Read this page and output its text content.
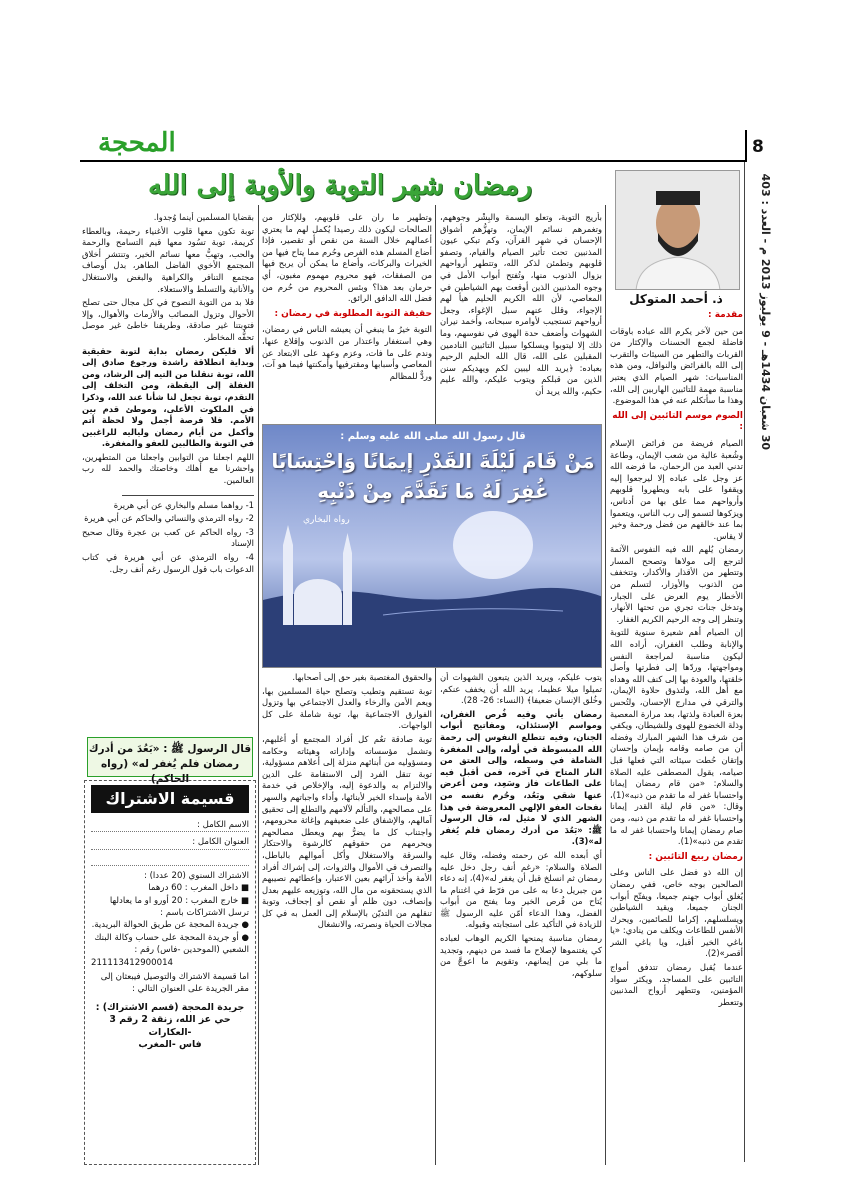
8
المحجة
30 شعبان 1434هـ - 9 يوليوز 2013 م - العدد : 403
رمضان شهر التوبة والأوبة إلى الله
ذ. أحمد المتوكل
مقدمة :

من حين لآخر يكرم الله عباده باوقات فاضلة لجمع الحسنات والإكثار من القربات والتطهر من السيئات والتقرب إلى الله بالفرائض والنوافل، ومن هذه المناسبات: شهر الصيام الذي يعتبر مناسبة مهمة للتائبين الهاربين إلى الله، وهذا ما سأتكلم عنه في هذا الموضوع.

الصوم موسم التائبين إلى الله :

الصيام فريضة من فرائض الإسلام وشُعبة عالية من شعب الإيمان، وطاعة تدني العبد من الرحمان، ما فرضه الله عز وجل على عباده إلا ليرجعوا إليه ويقفوا على بابه ويطهروا قلوبهم وأرواحهم مما علق بها من أدناس، ويزكوها لتسمو إلى رب الناس، ويتعموا بما عند خالقهم من فضل ورحمة وخير لا يقاس.

رمضان يُلهم الله فيه النفوس الآثمة لترجع إلى مولاها وتصحح المسار وتتطهر من الأقذار والأكدار، وتتخفف من الذنوب والأوزار، لتسلم من الأخطار يوم العرض على الجبار، وتدخل جنات تجري من تحتها الأنهار، وتنظر إلى وجه الرحيم الكريم الغفار.

إن الصيام أهم شعيرة سنوية للتوبة والإنابة وطلب الغفران، أراده الله ليكون مناسبة لمراجعة النفس ومواجهتها، وردّها إلى فطرتها وأصل خلقتها، والعودة بها إلى كنف الله وهداه مع أهل الله، ولتذوق حلاوة الإيمان، والترقي في مدارج الإحسان، ولتُحس بعزة العبادة ولذتها، بعد مرارة المعصية وذلة الخضوع للهوى وللشيطان، ويكفي من شرف هذا الشهر المبارك وفضله أن من صامه وقامه بإيمان وإحسان وإتقان حُطت سيئاته التي فعلها قبل صيامه، يقول المصطفى عليه الصلاة والسلام: «من قام رمضان إيمانا واحتسابا غفر له ما تقدم من ذنبه»(1)، وقال: «من قام ليلة القدر إيمانا واحتسابا غفر له ما تقدم من ذنبه، ومن صام رمضان إيمانا واحتسابا غفر له ما تقدم من ذنبه»(1).

رمضان ربيع التائبين :

إن الله ذو فضل على الناس وعلى الصالحين بوجه خاص، ففي رمضان يُغلق أبواب جهنم جميعا، ويفتّح أبواب الجنان جميعا، ويقيد الشياطين ويسلسلهم، إكراما للصائمين، ويحرك الأنفس للطاعات ويكلف من ينادي: «يا باغي الخير أقبل، ويا باغي الشر أقصر»(2).

عندما يُقبل رمضان تتدفق أمواج التائبين على المساجد، ويكثر سواد المؤمنين، وتتطهر أرواح المذنبين وتتعطر

بأريج التوبة، وتعلو البسمة والبِشْر وجوههم، وتغمرهم نسائم الإيمان، وتهزُّهم أشواق الإحسان في شهر القرآن، وكم تبكي عيون المذنبين تحت تأثير الصيام والقيام، وتصفو قلوبهم وتطمئن لذكر الله، وتتطهر أرواحهم بزوال الذنوب منها، وتُفتح أبواب الأمل في وجوه المذنبين الذين أوقعت بهم الشياطين في المعاصي، لأن الله الكريم الحليم هيأ لهم الإجواء، وقلل عنهم سبل الإغواء، وجعل أرواحهم تستجيب لأوامره سبحانه، وأخمد نيران الشهوات وأضعف حدة الهوى في نفوسهم، وما ذلك إلا ليتوبوا ويسلكوا سبيل التائبين النادمين المقبلين على الله، قال الله الحليم الرحيم بعباده: ﴿يريد الله ليبين لكم ويهديكم سنن الذين من قبلكم ويتوب عليكم، والله عليم حكيم، والله يريد أن

وتطهير ما ران على قلوبهم، وللإكثار من الصالحات ليكون ذلك رصيدا يُكمل لهم ما يعتري أعمالهم خلال السنة من نقص أو تقصير، فإذا أضاع المسلم هذه الفرص وحُرم مما يتاح فيها من الخيرات والبركات، وأضاع ما يمكن أن يربح فيها من الصفقات، فهو محروم مهموم مغبون، أي حرمان بعد هذا؟ وبئس المحروم من حُرم من فضل الله الدافق الرائق.

حقيقة التوبة المطلوبة في رمضان :

التوبة خيرُ ما ينبغي أن يعيشه الناس في رمضان، وهي استغفار واعتذار من الذنوب وإقلاع عنها، وندم على ما فات، وعزم وعهد على الابتعاد عن المعاصي وأسبابها ومقترفيها وأمكنتها فيما هو آت، وردٌّ للمظالم

بقضايا المسلمين أينما وُجدوا.

توبة تكون معها قلوب الأغنياء رحيمة، وبالعطاء كريمة، توبة تسُود معها قيم التسامح والرحمة والحب، وتهبُّ معها نسائم الخير، وتنتشر أخلاق المجتمع الأخوي الفاضل الطاهر، بدل أوصاف مجتمع التنافر والكراهية والبغض والاستغلال والأنانية والتسلط والاستعلاء.

فلا بد من التوبة النصوح في كل مجال حتى تصلح الأحوال وتزول المصائب والأزمات والأهوال، وإلا فتوبتنا غير صادقة، وطريقنا خاطئ غير موصل تحفُّه المخاطر.

ألا فليكن رمضان بداية لتوبة حقيقية وبداية انطلاقة راشدة ورجوع صادق إلى الله، توبة تنقلنا من التيه إلى الرشاد، ومن الغفلة إلى اليقظة، ومن التخلف إلى التقدم، توبة تجعل لنا شأنا عند الله، وذكرا في الملكوت الأعلى، وموطئ قدم بين الأمم. فلا فرصة أجمل ولا لحظة أتم وأكمل من أيام رمضان ولياليه للراغبين في التوبة والطالبين للعفو والمغفرة.

اللهم اجعلنا من التوابين واجعلنا من المتطهرين، واحشرنا مع أهلك وخاصتك والحمد لله رب العالمين.

1- رواهما مسلم والبخاري عن أبي هريرة

2- رواه الترمذي والنسائي والحاكم عن أبي هريرة

3- رواه الحاكم عن كعب بن عجرة وقال صحيح الإسناد

4- رواه الترمذي عن أبي هريرة في كتاب الدعوات باب قول الرسول رغم أنف رجل.

قال رسول الله صلى الله عليه وسلم :
مَنْ قَامَ لَيْلَةَ القَدْرِ إيمَانًا وَاحْتِسَابًا
غُفِرَ لَهُ مَا تَقَدَّمَ مِنْ ذَنْبِهِ
رواه البخاري

يتوب عليكم، ويريد الذين يتبعون الشهوات أن تميلوا ميلا عظيما، يريد الله أن يخفف عنكم، وخُلق الإنسان ضعيفا﴾ (النساء: 26- 28).

رمضان يأتي وفيه فُرص الغفران، ومواسم الإستئذان، ومفاتيح أبواب الجنان، وفيه تتطلع النفوس إلى رحمة الله المبسوطة في أوله، وإلى المغفرة الشاملة في وسطه، وإلى العتق من النار المتاح في آخره، فمن أقبل فيه على الطاعات فاز وسَعِد، ومن أعرض عنها شقي وبَعُد، وحُرم نفسه من نفحات العفو الإلهي المعروضة في هذا الشهر الذي لا مثيل له، قال الرسول ﷺ: «بَعُدَ من أدرك رمضان فلم يُغفر له»(3).

أي أبعده الله عن رحمته وفضله، وقال عليه الصلاة والسلام: «رغم أنف رجل دخل عليه رمضان ثم انسلخ قبل أن يغفر له»(4)، إنه دعاء من جبريل دعا به على من فرّط في اغتنام ما يُتاح من فُرص الخير وما يفتح من أبواب الفضل، وهذا الدعاء أمّن عليه الرسول ﷺ للزيادة في التأكيد على استجابته وقبوله.

رمضان مناسبة يمنحها الكريم الوهاب لعباده كي يغتنموها لإصلاح ما فسد من دينهم، وتجديد ما بلي من إيمانهم، وتقويم ما اعوجَّ من سلوكهم،

والحقوق المغتصبة بغير حق إلى أصحابها.

توبة تستقيم وتطيب وتصلح حياة المسلمين بها، ويعم الأمن والرخاء والعدل الاجتماعي بها وتزول الفوارق الاجتماعية بها، توبة شاملة على كل الواجهات.

توبة صادقة تعُم كل أفراد المجتمع أو أغلبهم، وتشمل مؤسساته وإداراته وهيئاته وحكامه ومسؤوليه من أبنائهم منزلة إلى أعلاهم مسؤولية، توبة تنقل الفرد إلى الاستقامة على الدين والالتزام به والدعوة إليه، والإخلاص في خدمة الأمة وإسداء الخير لأبنائها، وأداء واجباتهم والسهر على مصالحهم، والتألم لآلامهم والتطلع إلى تحقيق آمالهم، والإشفاق على ضعيفهم وإغاثة محرومهم، واجتناب كل ما يضرُّ بهم ويعطل مصالحهم ويحرمهم من حقوقهم كالرشوة والاحتكار والسرقة والاستغلال وأكل أموالهم بالباطل، والتصرف في الأموال والثروات، إلى إشراك أفراد الأمة وأخذ آرائهم بعين الاعتبار، وإعطائهم نصيبهم الذي يستحقونه من مال الله، وتوزيعه عليهم بعدل وإنصاف، دون ظلم أو نقص أو إجحاف، وتوبة تنقلهم من التديّن بالإسلام إلى العمل به في كل مجالات الحياة ونصرته، والانشغال

قال الرسول ﷺ : «بَعُدَ من أدرك
رمضان فلم يُغفر له» (رواه الحاكم)
قسيمة الاشتراك
الاسم الكامل :
العنوان الكامل :
الاشتراك السنوي (20 عددا) :
■ داخل المغرب : 60 درهما
■ خارج المغرب : 20 أورو او ما يعادلها
ترسل الاشتراكات باسم :
● جريدة المحجة عن طريق الحوالة البريدية.
● أو جريدة المحجة على حساب وكالة البنك الشعبي (الموحدين -فاس) رقم :
211113412900014
اما قسيمة الاشتراك والتوصيل فيبعثان إلى مقر الجريدة على العنوان التالي :
جريدة المحجة (قسم الاشتراك) :
حي عز الله، زنقة 2 رقم 3 -العكارات
فاس -المغرب
